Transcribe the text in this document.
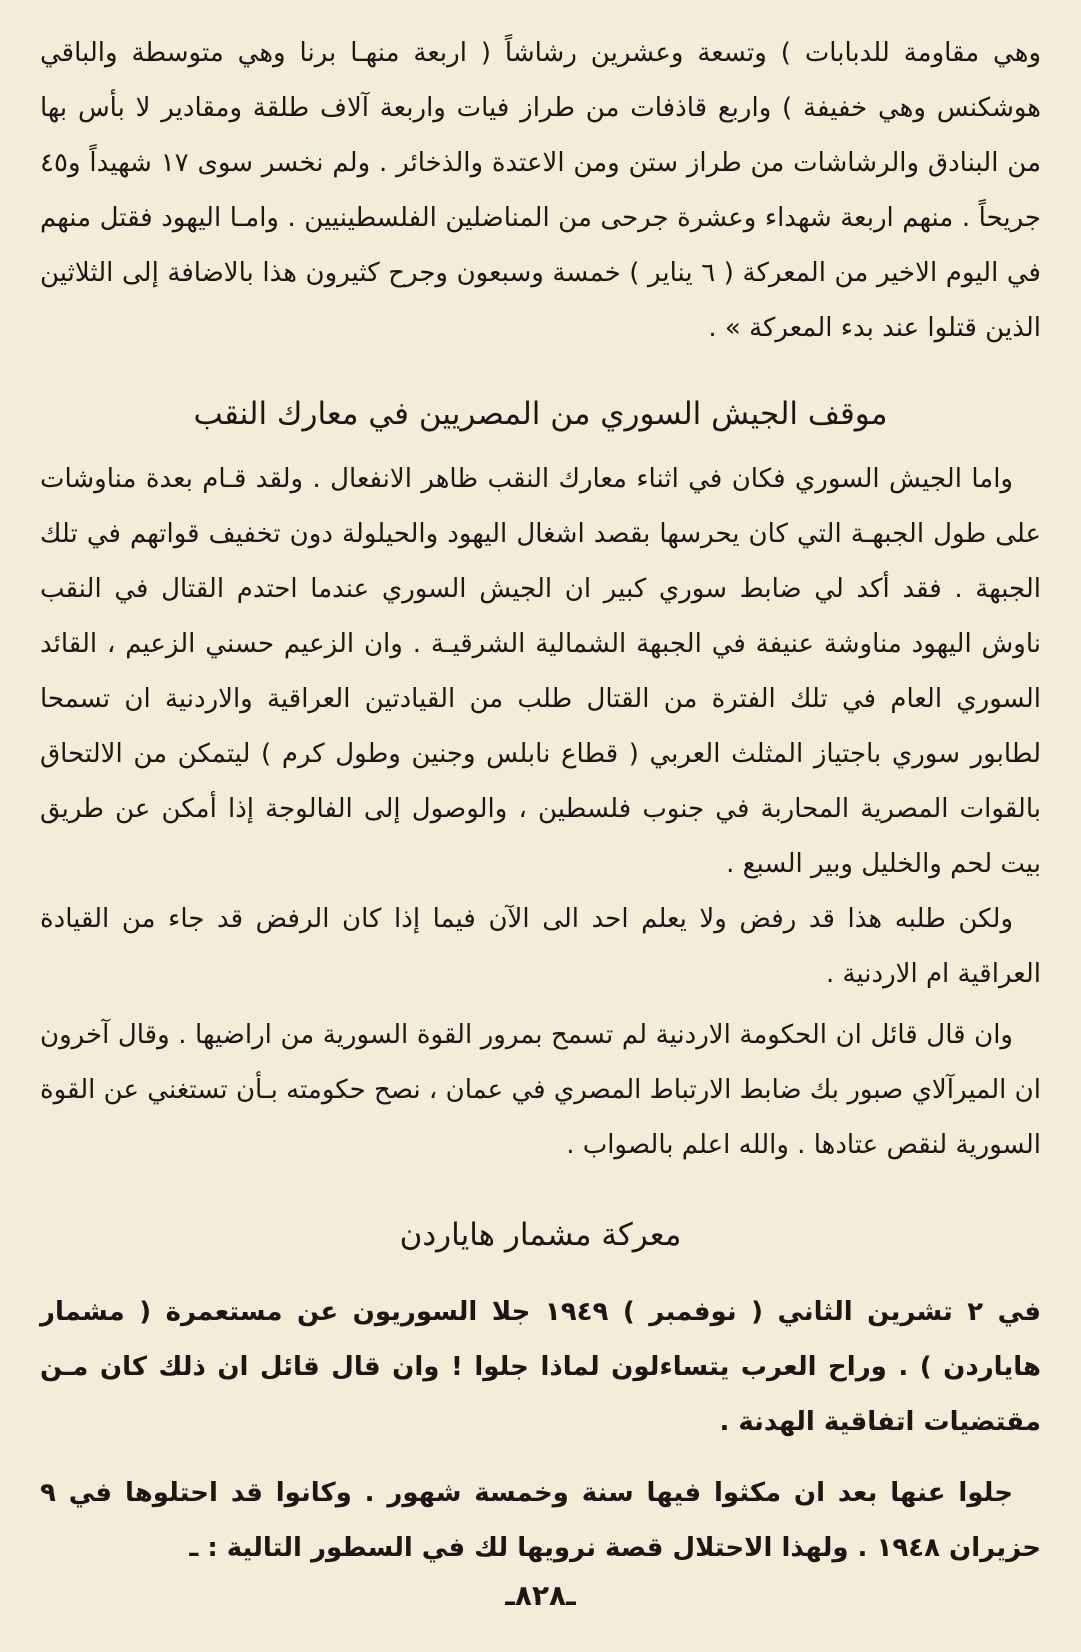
وهي مقاومة للدبابات ) وتسعة وعشرين رشاشاً ( اربعة منهـا برنا وهي متوسطة والباقي هوشكنس وهي خفيفة ) واربع قاذفات من طراز فيات واربعة آلاف طلقة ومقادير لا بأس بها من البنادق والرشاشات من طراز ستن ومن الاعتدة والذخائر . ولم نخسر سوى ١٧ شهيداً و٤٥ جريحاً . منهم اربعة شهداء وعشرة جرحى من المناضلين الفلسطينيين . وامـا اليهود فقتل منهم في اليوم الاخير من المعركة ( ٦ يناير ) خمسة وسبعون وجرح كثيرون هذا بالاضافة إلى الثلاثين الذين قتلوا عند بدء المعركة » .

موقف الجيش السوري من المصريين في معارك النقب

واما الجيش السوري فكان في اثناء معارك النقب ظاهر الانفعال . ولقد قـام بعدة مناوشات على طول الجبهـة التي كان يحرسها بقصد اشغال اليهود والحيلولة دون تخفيف قواتهم في تلك الجبهة . فقد أكد لي ضابط سوري كبير ان الجيش السوري عندما احتدم القتال في النقب ناوش اليهود مناوشة عنيفة في الجبهة الشمالية الشرقيـة . وان الزعيم حسني الزعيم ، القائد السوري العام في تلك الفترة من القتال طلب من القيادتين العراقية والاردنية ان تسمحا لطابور سوري باجتياز المثلث العربي ( قطاع نابلس وجنين وطول كرم ) ليتمكن من الالتحاق بالقوات المصرية المحاربة في جنوب فلسطين ، والوصول إلى الفالوجة إذا أمكن عن طريق بيت لحم والخليل وبير السبع .

ولكن طلبه هذا قد رفض ولا يعلم احد الى الآن فيما إذا كان الرفض قد جاء من القيادة العراقية ام الاردنية .

وان قال قائل ان الحكومة الاردنية لم تسمح بمرور القوة السورية من اراضيها . وقال آخرون ان الميرآلاي صبور بك ضابط الارتباط المصري في عمان ، نصح حكومته بـأن تستغني عن القوة السورية لنقص عتادها . والله اعلم بالصواب .

معركة مشمار هاياردن

في ٢ تشرين الثاني ( نوفمبر ) ١٩٤٩ جلا السوريون عن مستعمرة ( مشمار هاياردن ) . وراح العرب يتساءلون لماذا جلوا ! وان قال قائل ان ذلك كان مـن مقتضيات اتفاقية الهدنة .

جلوا عنها بعد ان مكثوا فيها سنة وخمسة شهور . وكانوا قد احتلوها في ٩ حزيران ١٩٤٨ . ولهذا الاحتلال قصة نرويها لك في السطور التالية : ـ

ـ٨٢٨ـ
